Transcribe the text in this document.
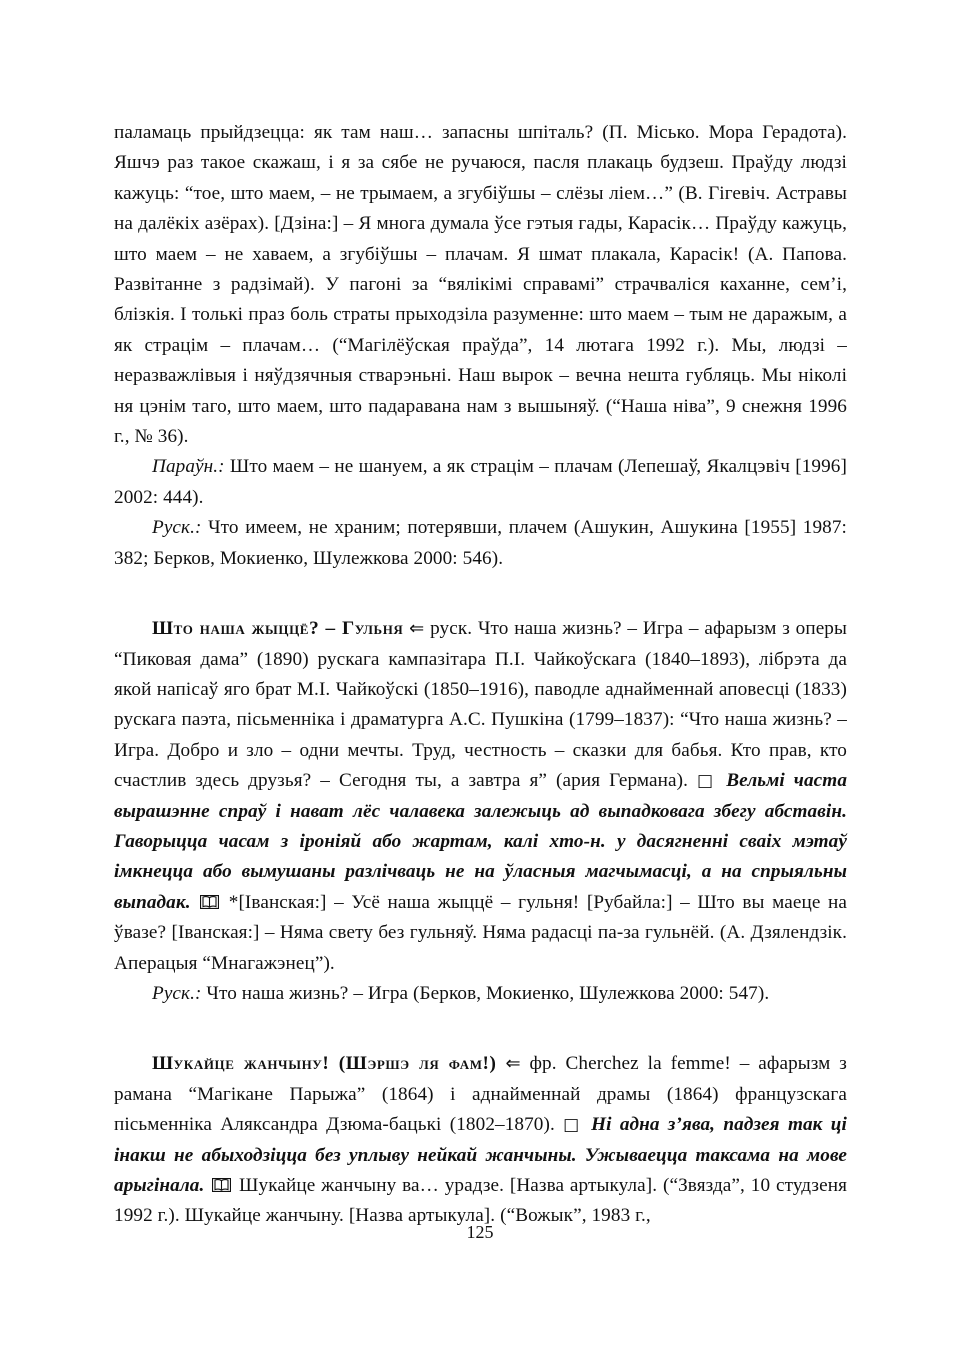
паламаць прыйдзецца: як там наш… запасны шпіталь? (П. Місько. Мора Герадота). Яшчэ раз такое скажаш, і я за сябе не ручаюся, пасля плакаць будзеш. Праўду людзі кажуць: “тое, што маем, – не трымаем, а згубіўшы – слёзы ліем…” (В. Гігевіч. Астравы на далёкіх азёрах). [Дзіна:] – Я многа думала ўсе гэтыя гады, Карасік… Праўду кажуць, што маем – не хаваем, а згубіўшы – плачам. Я шмат плакала, Карасік! (А. Папова. Развітанне з радзімай). У пагоні за “вялікімі справамі” страчваліся каханне, сем’і, блізкія. І толькі праз боль страты прыходзіла разуменне: што маем – тым не даражым, а як страцім – плачам… (“Магілёўская праўда”, 14 лютага 1992 г.). Мы, людзі – неразважлівыя і няўдзячныя стварэньні. Наш вырок – вечна нешта губляць. Мы ніколі ня цэнім таго, што маем, што падаравана нам з вышыняў. (“Наша ніва”, 9 снежня 1996 г., № 36).

Параўн.: Што маем – не шануем, а як страцім – плачам (Лепешаў, Якалцэвіч [1996] 2002: 444).

Руск.: Что имеем, не храним; потерявши, плачем (Ашукин, Ашукина [1955] 1987: 382; Берков, Мокиенко, Шулежкова 2000: 546).

Што наша жыццё? – Гульня ⇐ руск. Что наша жизнь? – Игра – афарызм з оперы “Пиковая дама” (1890) рускага кампазітара П.І. Чайкоўскага (1840–1893), лібрэта да якой напісаў яго брат М.І. Чайкоўскі (1850–1916), паводле аднайменнай аповесці (1833) рускага паэта, пісьменніка і драматурга А.С. Пушкіна (1799–1837): “Что наша жизнь? – Игра. Добро и зло – одни мечты. Труд, честность – сказки для бабья. Кто прав, кто счастлив здесь друзья? – Сегодня ты, а завтра я” (ария Германа). □ Вельмі часта вырашэнне спраў і нават лёс чалавека залежыць ад выпадковага збегу абставін. Гаворыцца часам з іроніяй або жартам, калі хто-н. у дасягненні сваіх мэтаў імкнецца або вымушаны разлічваць не на ўласныя магчымасці, а на спрыяльны выпадак.
*[Іванская:] – Усё наша жыццё – гульня! [Рубайла:] – Што вы маеце на ўвазе? [Іванская:] – Няма свету без гульняў. Няма радасці па-за гульнёй. (А. Дзялендзік. Аперацыя “Мнагажэнец”).

Руск.: Что наша жизнь? – Игра (Берков, Мокиенко, Шулежкова 2000: 547).

Шукайце жанчыну! (Шэршэ ля фам!) ⇐ фр. Cherchez la femme! – афарызм з рамана “Магікане Парыжа” (1864) і аднайменнай драмы (1864) французскага пісьменніка Аляксандра Дзюма-бацькі (1802–1870). □ Ні адна з’ява, падзея так ці інакш не абыходзіцца без уплыву нейкай жанчыны. Ужываецца таксама на мове арыгінала.
Шукайце жанчыну ва… урадзе. [Назва артыкула]. (“Звязда”, 10 студзеня 1992 г.). Шукайце жанчыну. [Назва артыкула]. (“Вожык”, 1983 г.,

125
